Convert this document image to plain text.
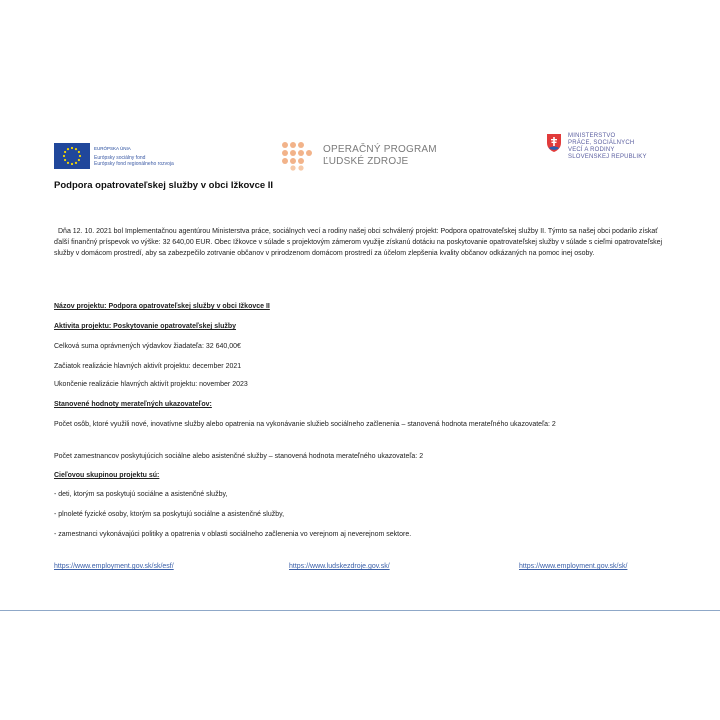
EURÓPSKA ÚNIA
Európsky sociálny fond
Európsky fond regionálneho rozvoja
OPERAČNÝ PROGRAM
ĽUDSKÉ ZDROJE
MINISTERSTVO
PRÁCE, SOCIÁLNYCH
VECÍ A RODINY
SLOVENSKEJ REPUBLIKY
Podpora opatrovateľskej služby v obci Ižkovce II
Dňa 12. 10. 2021 bol Implementačnou agentúrou Ministerstva práce, sociálnych vecí a rodiny našej obci schválený projekt: Podpora opatrovateľskej služby II. Týmto sa našej obci podarilo získať ďalší finančný príspevok vo výške: 32 640,00 EUR. Obec Ižkovce v súlade s projektovým zámerom využije získanú dotáciu na poskytovanie opatrovateľskej služby v súlade s cieľmi opatrovateľskej služby v domácom prostredí, aby sa zabezpečilo zotrvanie občanov v prirodzenom domácom prostredí za účelom zlepšenia kvality občanov odkázaných na pomoc inej osoby.
Názov projektu: Podpora opatrovateľskej služby v obci Ižkovce II
Aktivita projektu: Poskytovanie opatrovateľskej služby
Celková suma oprávnených výdavkov žiadateľa: 32 640,00€
Začiatok realizácie hlavných aktivít projektu: december 2021
Ukončenie realizácie hlavných aktivít projektu: november 2023
Stanovené hodnoty merateľných ukazovateľov:
Počet osôb, ktoré využili nové, inovatívne služby alebo opatrenia na vykonávanie služieb sociálneho začlenenia – stanovená hodnota merateľného ukazovateľa: 2
Počet zamestnancov poskytujúcich sociálne alebo asistenčné služby – stanovená hodnota merateľného ukazovateľa: 2
Cieľovou skupinou projektu sú:
- deti, ktorým sa poskytujú sociálne a asistenčné služby,
- plnoleté fyzické osoby, ktorým sa poskytujú sociálne a asistenčné služby,
- zamestnanci vykonávajúci politiky a opatrenia v oblasti sociálneho začlenenia vo verejnom aj neverejnom sektore.
https://www.employment.gov.sk/sk/esf/	https://www.ludskezdroje.gov.sk/	https://www.employment.gov.sk/sk/
